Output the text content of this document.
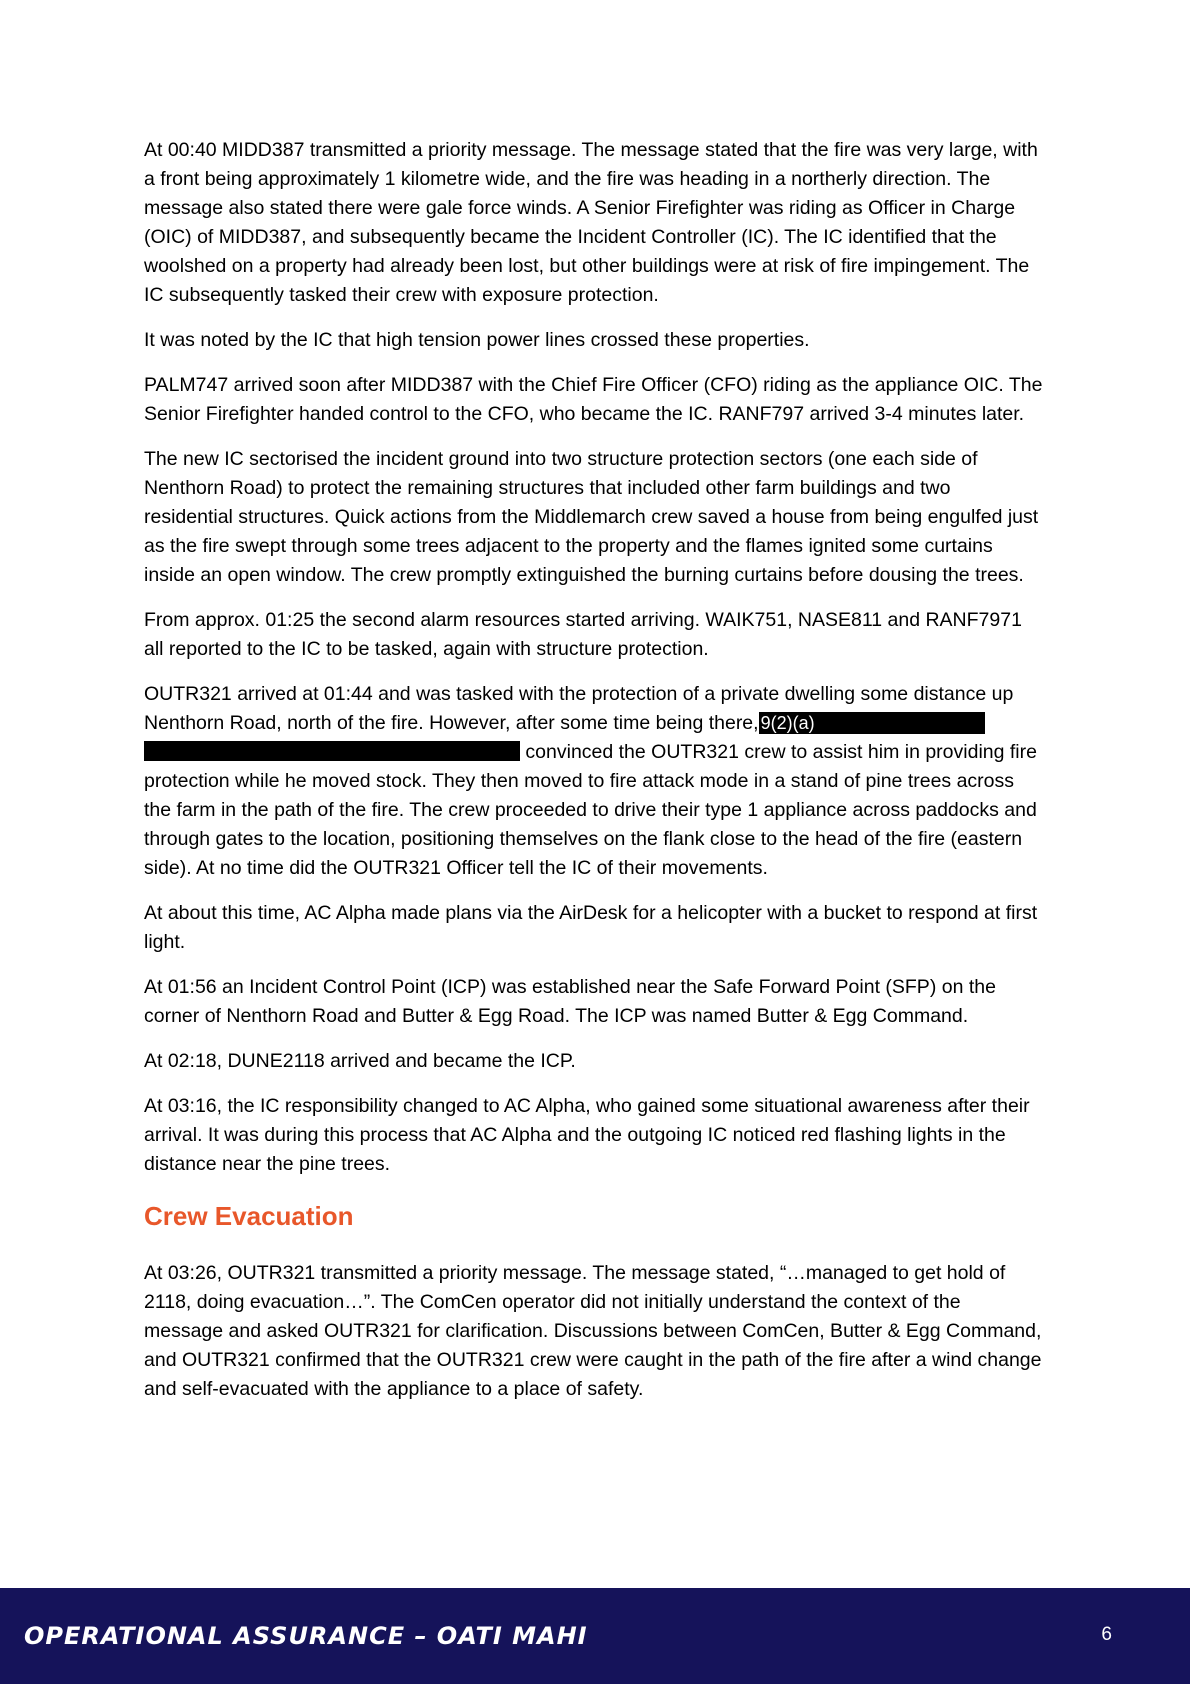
At 00:40 MIDD387 transmitted a priority message. The message stated that the fire was very large, with a front being approximately 1 kilometre wide, and the fire was heading in a northerly direction. The message also stated there were gale force winds. A Senior Firefighter was riding as Officer in Charge (OIC) of MIDD387, and subsequently became the Incident Controller (IC). The IC identified that the woolshed on a property had already been lost, but other buildings were at risk of fire impingement. The IC subsequently tasked their crew with exposure protection.

It was noted by the IC that high tension power lines crossed these properties.

PALM747 arrived soon after MIDD387 with the Chief Fire Officer (CFO) riding as the appliance OIC. The Senior Firefighter handed control to the CFO, who became the IC. RANF797 arrived 3-4 minutes later.

The new IC sectorised the incident ground into two structure protection sectors (one each side of Nenthorn Road) to protect the remaining structures that included other farm buildings and two residential structures. Quick actions from the Middlemarch crew saved a house from being engulfed just as the fire swept through some trees adjacent to the property and the flames ignited some curtains inside an open window. The crew promptly extinguished the burning curtains before dousing the trees.

From approx. 01:25 the second alarm resources started arriving. WAIK751, NASE811 and RANF7971 all reported to the IC to be tasked, again with structure protection.

OUTR321 arrived at 01:44 and was tasked with the protection of a private dwelling some distance up Nenthorn Road, north of the fire. However, after some time being there, 9(2)(a)
convinced the OUTR321 crew to assist him in providing fire protection while he moved stock. They then moved to fire attack mode in a stand of pine trees across the farm in the path of the fire. The crew proceeded to drive their type 1 appliance across paddocks and through gates to the location, positioning themselves on the flank close to the head of the fire (eastern side). At no time did the OUTR321 Officer tell the IC of their movements.

At about this time, AC Alpha made plans via the AirDesk for a helicopter with a bucket to respond at first light.

At 01:56 an Incident Control Point (ICP) was established near the Safe Forward Point (SFP) on the corner of Nenthorn Road and Butter & Egg Road. The ICP was named Butter & Egg Command.

At 02:18, DUNE2118 arrived and became the ICP.

At 03:16, the IC responsibility changed to AC Alpha, who gained some situational awareness after their arrival. It was during this process that AC Alpha and the outgoing IC noticed red flashing lights in the distance near the pine trees.

Crew Evacuation

At 03:26, OUTR321 transmitted a priority message. The message stated, “…managed to get hold of 2118, doing evacuation…”. The ComCen operator did not initially understand the context of the message and asked OUTR321 for clarification. Discussions between ComCen, Butter & Egg Command, and OUTR321 confirmed that the OUTR321 crew were caught in the path of the fire after a wind change and self-evacuated with the appliance to a place of safety.

OPERATIONAL ASSURANCE – OATI MAHI	6
